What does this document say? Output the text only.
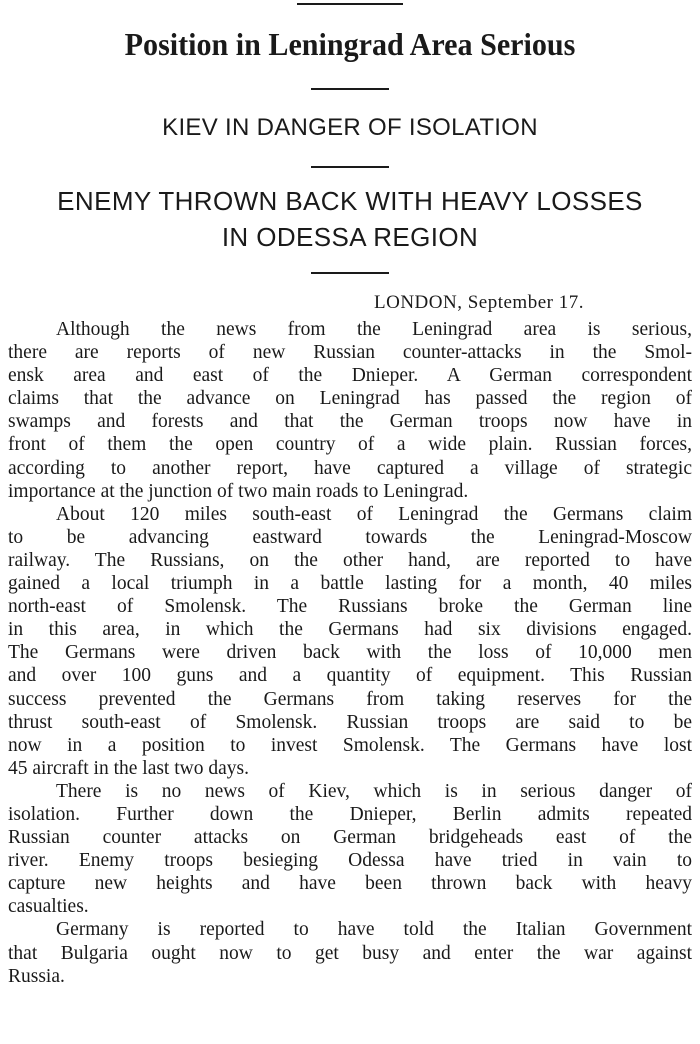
Position in Leningrad Area Serious
KIEV IN DANGER OF ISOLATION
ENEMY THROWN BACK WITH HEAVY LOSSES
IN ODESSA REGION
LONDON, September 17.
Although the news from the Leningrad area is serious,
there are reports of new Russian counter-attacks in the Smol-
ensk area and east of the Dnieper. A German correspondent
claims that the advance on Leningrad has passed the region of
swamps and forests and that the German troops now have in
front of them the open country of a wide plain. Russian forces,
according to another report, have captured a village of strategic
importance at the junction of two main roads to Leningrad.
About 120 miles south-east of Leningrad the Germans claim
to be advancing eastward towards the Leningrad-Moscow
railway. The Russians, on the other hand, are reported to have
gained a local triumph in a battle lasting for a month, 40 miles
north-east of Smolensk. The Russians broke the German line
in this area, in which the Germans had six divisions engaged.
The Germans were driven back with the loss of 10,000 men
and over 100 guns and a quantity of equipment. This Russian
success prevented the Germans from taking reserves for the
thrust south-east of Smolensk. Russian troops are said to be
now in a position to invest Smolensk. The Germans have lost
45 aircraft in the last two days.
There is no news of Kiev, which is in serious danger of
isolation. Further down the Dnieper, Berlin admits repeated
Russian counter attacks on German bridgeheads east of the
river. Enemy troops besieging Odessa have tried in vain to
capture new heights and have been thrown back with heavy
casualties.
Germany is reported to have told the Italian Government
that Bulgaria ought now to get busy and enter the war against
Russia.
